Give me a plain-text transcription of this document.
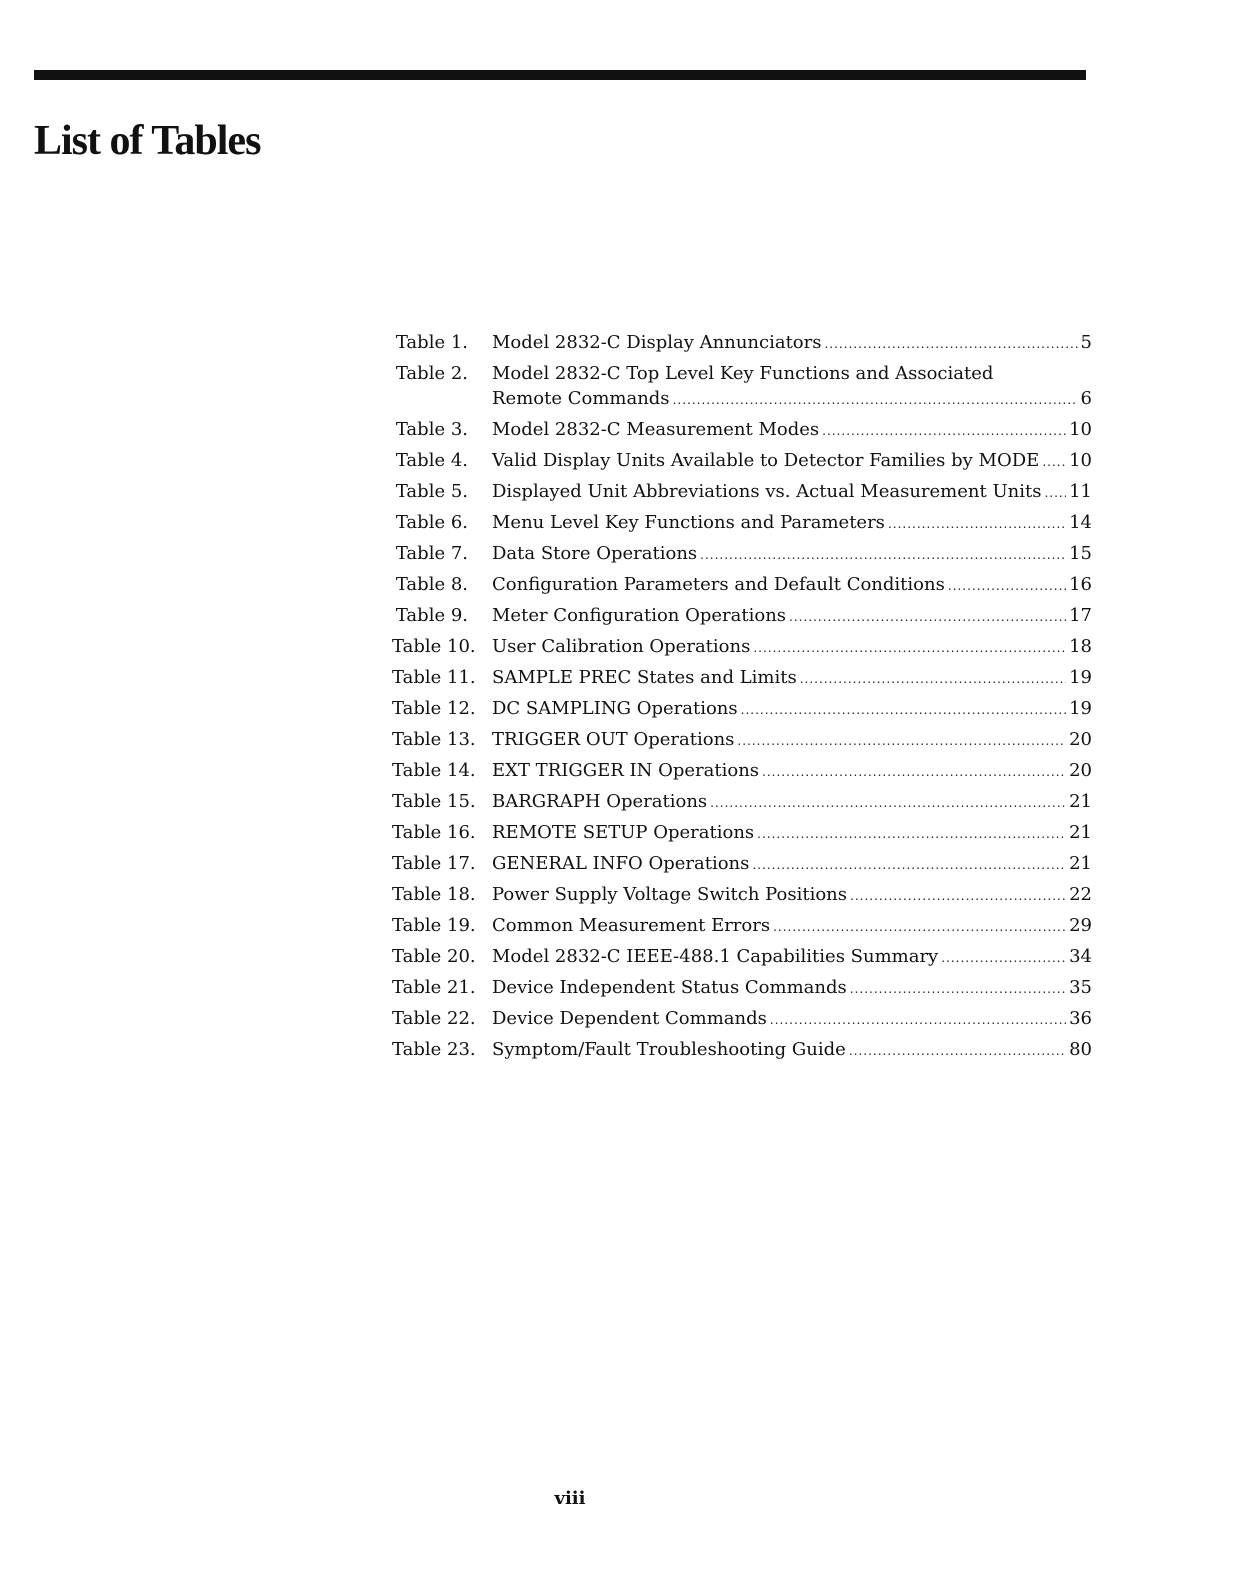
List of Tables
Table 1.	Model 2832-C Display Annunciators .....	5
Table 2.	Model 2832-C Top Level Key Functions and Associated
Remote Commands .....	6
Table 3.	Model 2832-C Measurement Modes .....	10
Table 4.	Valid Display Units Available to Detector Families by MODE ..... 10
Table 5.	Displayed Unit Abbreviations vs. Actual Measurement Units ..... 11
Table 6.	Menu Level Key Functions and Parameters .....	14
Table 7.	Data Store Operations .....	15
Table 8.	Configuration Parameters and Default Conditions .....	16
Table 9.	Meter Configuration Operations .....	17
Table 10. User Calibration Operations .....	18
Table 11. SAMPLE PREC States and Limits .....	19
Table 12. DC SAMPLING Operations .....	19
Table 13. TRIGGER OUT Operations .....	20
Table 14. EXT TRIGGER IN Operations .....	20
Table 15. BARGRAPH Operations .....	21
Table 16. REMOTE SETUP Operations .....	21
Table 17. GENERAL INFO Operations .....	21
Table 18. Power Supply Voltage Switch Positions .....	22
Table 19. Common Measurement Errors .....	29
Table 20. Model 2832-C IEEE-488.1 Capabilities Summary .....	34
Table 21. Device Independent Status Commands .....	35
Table 22. Device Dependent Commands .....	36
Table 23. Symptom/Fault Troubleshooting Guide .....	80
viii
